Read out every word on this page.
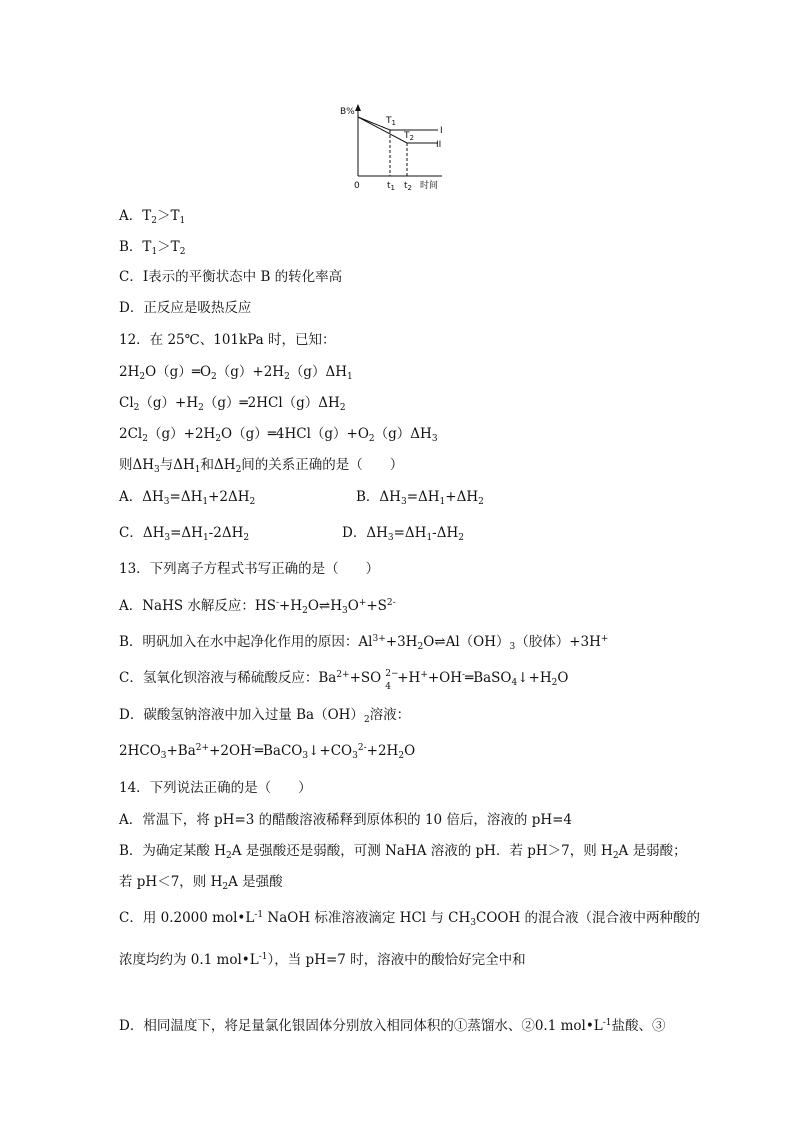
B%
0
$T_1$
$T_2$
I
II
$t_1$ $t_2$ 时间
A．$T_2>T_1$
B．$T_1>T_2$
C．Ⅰ表示的平衡状态中 B 的转化率高
D．正反应是吸热反应
12．在 25℃、101kPa 时，已知：
$2H_2O(g)═O_2(g)+2H_2(g)\Delta H_1$
$Cl_2(g)+H_2(g)═2HCl(g)\Delta H_2$
$2Cl_2(g)+2H_2O(g)═4HCl(g)+O_2(g)\Delta H_3$
则$\Delta H_3$与$\Delta H_1$和$\Delta H_2$间的关系正确的是（　　）
A．$\Delta H_3=\Delta H_1+2\Delta H_2$	B．$\Delta H_3=\Delta H_1+\Delta H_2$
C．$\Delta H_3=\Delta H_1-2\Delta H_2$	D．$\Delta H_3=\Delta H_1-\Delta H_2$
13．下列离子方程式书写正确的是（　　）
A．NaHS 水解反应：$HS^-+H_2O\rightleftharpoons H_3O^++S^{2-}$
B．明矾加入在水中起净化作用的原因：$Al^{3+}+3H_2O\rightleftharpoons Al(OH)_3$（胶体）+3H+
C．氢氧化钡溶液与稀硫酸反应：$Ba^{2+}+SO$ 2−
4
$+H^++OH^-═BaSO_4↓+H_2O$
D．碳酸氢钠溶液中加入过量 $Ba(OH)_2$溶液：
$2HCO_3+Ba^{2+}+2OH^-═BaCO_3↓+CO_3^{2-}+2H_2O$
14．下列说法正确的是（　　）
A．常温下，将 pH=3 的醋酸溶液稀释到原体积的 10 倍后，溶液的 pH=4
B．为确定某酸 $H_2A$ 是强酸还是弱酸，可测 NaHA 溶液的 pH．若 pH＞7，则 $H_2A$ 是弱酸；
若 pH＜7，则 $H_2A$ 是强酸
C．用 0.2000 $mol•L^{-1}$ NaOH 标准溶液滴定 HCl 与 $CH_3COOH$ 的混合液（混合液中两种酸的
浓度均约为 0.1 $mol•L^{-1}$），当 pH=7 时，溶液中的酸恰好完全中和
D．相同温度下，将足量氯化银固体分别放入相同体积的①蒸馏水、②0.1 $mol•L^{-1}$盐酸、③
